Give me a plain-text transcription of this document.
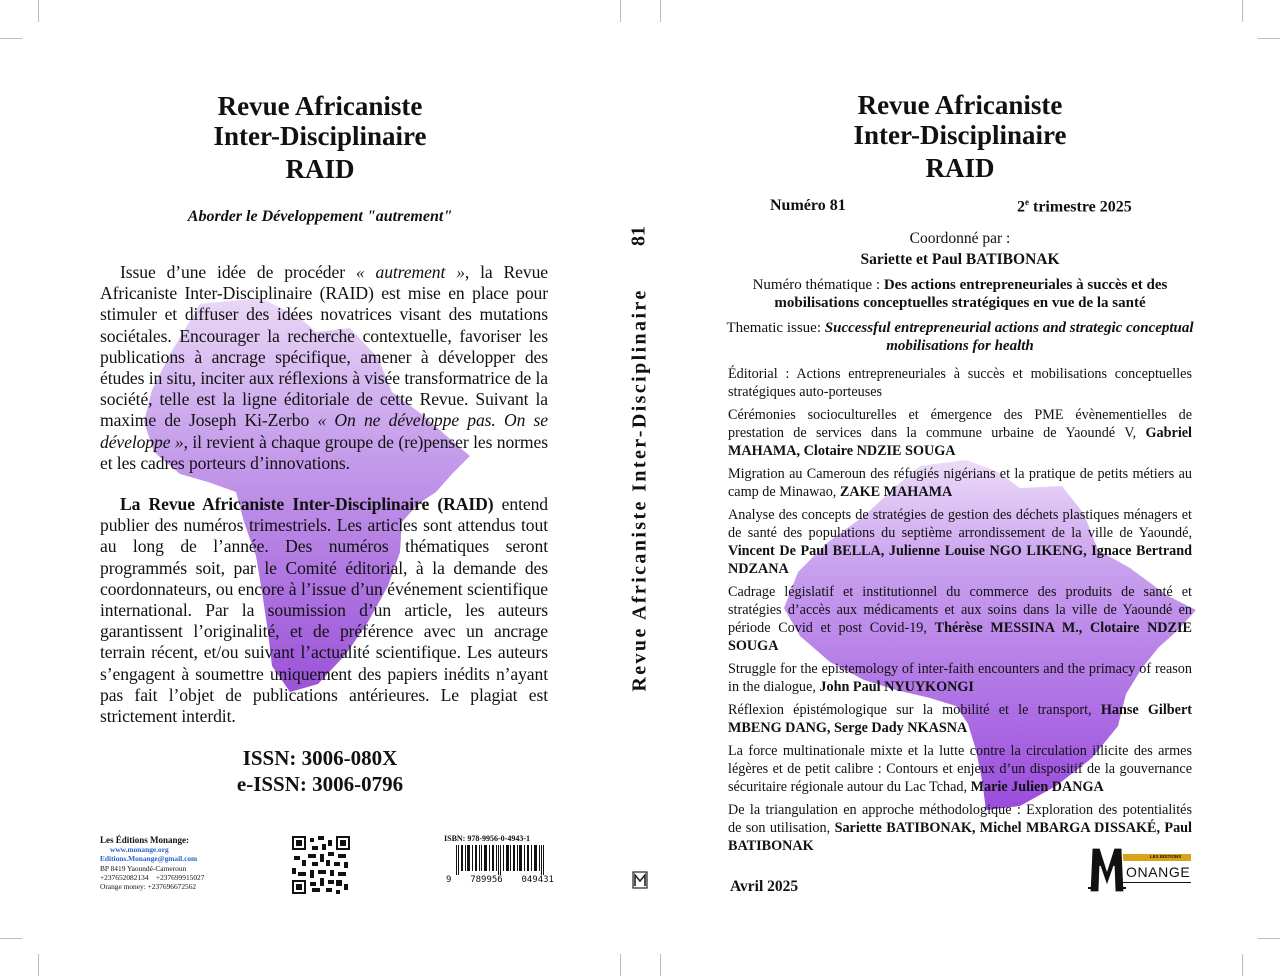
Revue Africaniste
Inter-Disciplinaire
RAID
Aborder le Développement "autrement"

Issue d’une idée de procéder « autrement », la Revue Africaniste Inter-Disciplinaire (RAID) est mise en place pour stimuler et diffuser des idées novatrices visant des mutations sociétales. Encourager la recherche contextuelle, favoriser les publications à ancrage spécifique, amener à développer des études in situ, inciter aux réflexions à visée transformatrice de la société, telle est la ligne éditoriale de cette Revue. Suivant la maxime de Joseph Ki-Zerbo « On ne développe pas. On se développe », il revient à chaque groupe de (re)penser les normes et les cadres porteurs d’innovations.

La Revue Africaniste Inter-Disciplinaire (RAID) entend publier des numéros trimestriels. Les articles sont attendus tout au long de l’année. Des numéros thématiques seront programmés soit, par le Comité éditorial, à la demande des coordonnateurs, ou encore à l’issue d’un événement scientifique international. Par la soumission d’un article, les auteurs garantissent l’originalité, et de préférence avec un ancrage terrain récent, et/ou suivant l’actualité scientifique. Les auteurs s’engagent à soumettre uniquement des papiers inédits n’ayant pas fait l’objet de publications antérieures. Le plagiat est strictement interdit.

ISSN: 3006-080X
e-ISSN: 3006-0796
Les Éditions Monange:
www.monange.org
Editions.Monange@gmail.com
BP 8419 Yaoundé-Cameroun
+237652082134 +237699915027
Orange money: +237696672562
ISBN: 978-9956-0-4943-1
9 789956 049431
81
Revue Africaniste Inter-Disciplinaire
Revue Africaniste
Inter-Disciplinaire
RAID
Numéro 81	2e trimestre 2025
Coordonné par :
Sariette et Paul BATIBONAK
Numéro thématique : Des actions entrepreneuriales à succès et des mobilisations conceptuelles stratégiques en vue de la santé
Thematic issue: Successful entrepreneurial actions and strategic conceptual mobilisations for health
Éditorial : Actions entrepreneuriales à succès et mobilisations conceptuelles stratégiques auto-porteuses
Cérémonies socioculturelles et émergence des PME évènementielles de prestation de services dans la commune urbaine de Yaoundé V, Gabriel MAHAMA, Clotaire NDZIE SOUGA
Migration au Cameroun des réfugiés nigérians et la pratique de petits métiers au camp de Minawao, ZAKE MAHAMA
Analyse des concepts de stratégies de gestion des déchets plastiques ménagers et de santé des populations du septième arrondissement de la ville de Yaoundé, Vincent De Paul BELLA, Julienne Louise NGO LIKENG, Ignace Bertrand NDZANA
Cadrage législatif et institutionnel du commerce des produits de santé et stratégies d’accès aux médicaments et aux soins dans la ville de Yaoundé en période Covid et post Covid-19, Thérèse MESSINA M., Clotaire NDZIE SOUGA
Struggle for the epistemology of inter-faith encounters and the primacy of reason in the dialogue, John Paul NYUYKONGI
Réflexion épistémologique sur la mobilité et le transport, Hanse Gilbert MBENG DANG, Serge Dady NKASNA
La force multinationale mixte et la lutte contre la circulation illicite des armes légères et de petit calibre : Contours et enjeux d’un dispositif de la gouvernance sécuritaire régionale autour du Lac Tchad, Marie Julien DANGA
De la triangulation en approche méthodologique : Exploration des potentialités de son utilisation, Sariette BATIBONAK, Michel MBARGA DISSAKÉ, Paul BATIBONAK
Avril 2025
LES EDITIONS
ONANGE
